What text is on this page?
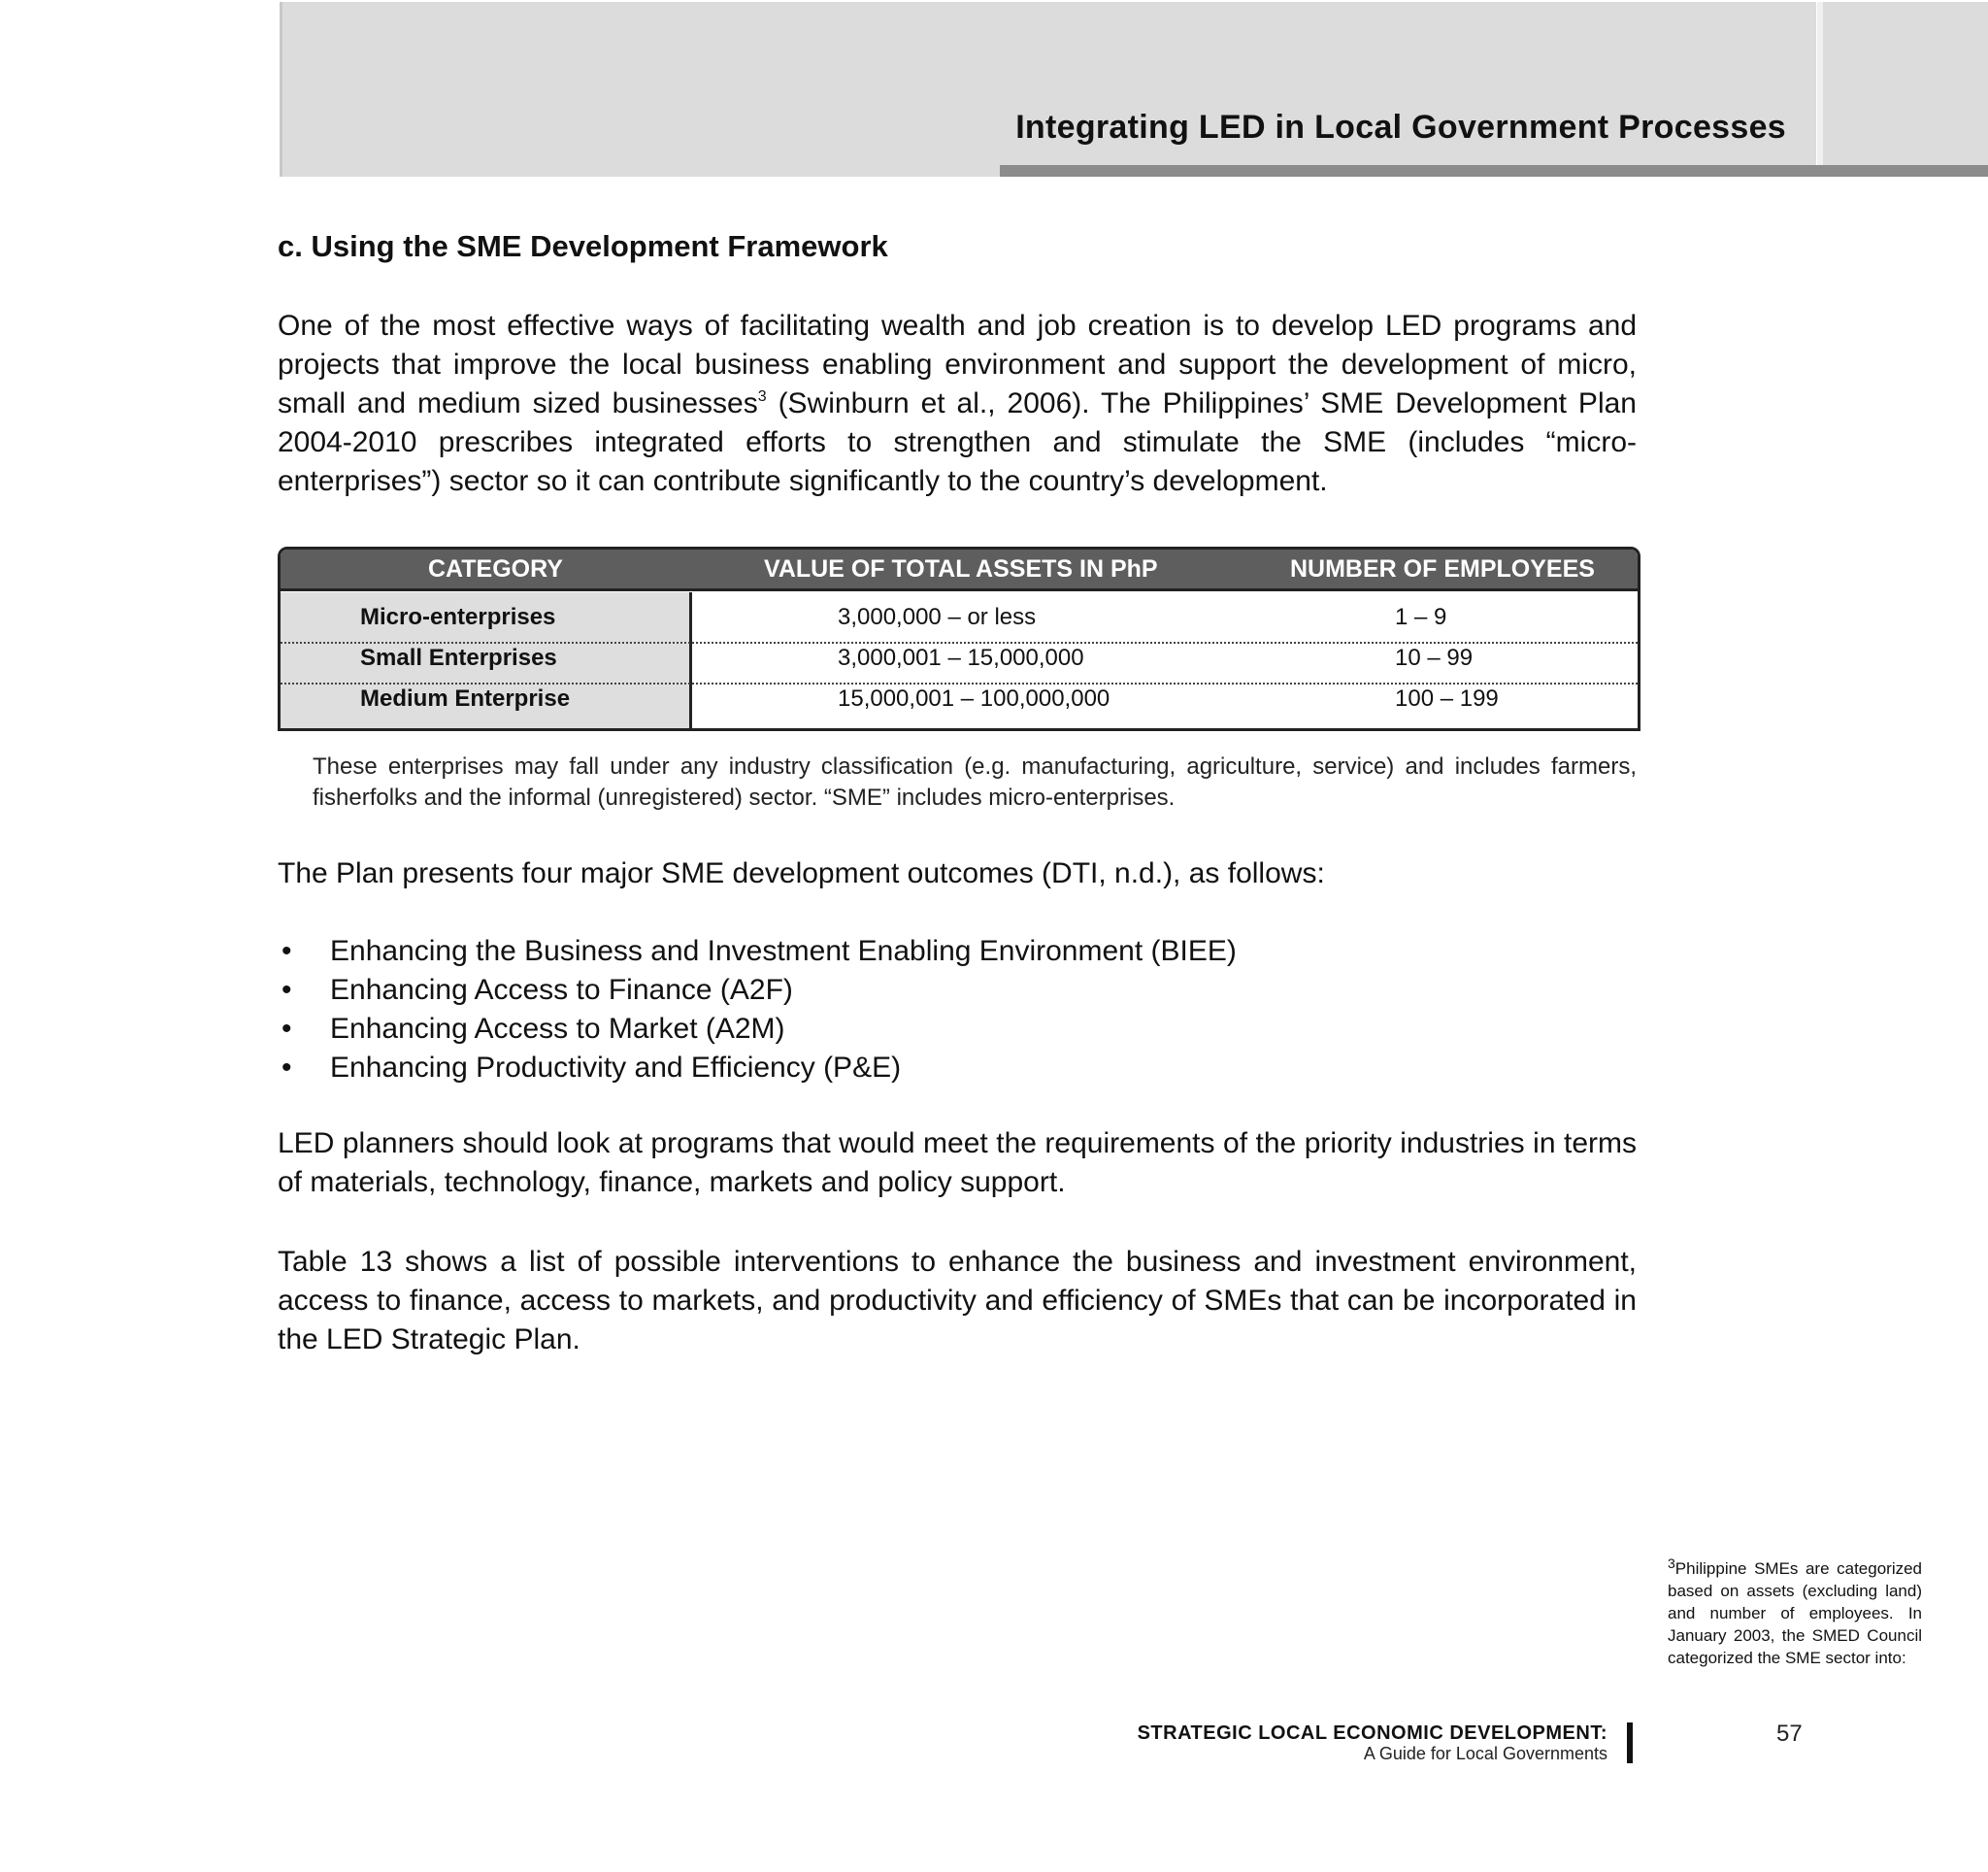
Integrating LED in Local Government Processes
c. Using the SME Development Framework
One of the most effective ways of facilitating wealth and job creation is to develop LED programs and projects that improve the local business enabling environment and support the development of micro, small and medium sized businesses$^3$ (Swinburn et al., 2006). The Philippines’ SME Development Plan 2004-2010 prescribes integrated efforts to strengthen and stimulate the SME (includes “micro-enterprises”) sector so it can contribute significantly to the country’s development.
CATEGORY	VALUE OF TOTAL ASSETS IN PhP	NUMBER OF EMPLOYEES
Micro-enterprises	3,000,000 – or less	1 – 9
Small Enterprises	3,000,001 – 15,000,000	10 – 99
Medium Enterprise	15,000,001 – 100,000,000	100 – 199
These enterprises may fall under any industry classification (e.g. manufacturing, agriculture, service) and includes farmers, fisherfolks and the informal (unregistered) sector. “SME” includes micro-enterprises.
The Plan presents four major SME development outcomes (DTI, n.d.), as follows:
• Enhancing the Business and Investment Enabling Environment (BIEE)
• Enhancing Access to Finance (A2F)
• Enhancing Access to Market (A2M)
• Enhancing Productivity and Efficiency (P&E)
LED planners should look at programs that would meet the requirements of the priority industries in terms of materials, technology, finance, markets and policy support.
Table 13 shows a list of possible interventions to enhance the business and investment environment, access to finance, access to markets, and productivity and efficiency of SMEs that can be incorporated in the LED Strategic Plan.
$^3$Philippine SMEs are categorized based on assets (excluding land) and number of employees. In January 2003, the SMED Council categorized the SME sector into:
STRATEGIC LOCAL ECONOMIC DEVELOPMENT:
A Guide for Local Governments
57
